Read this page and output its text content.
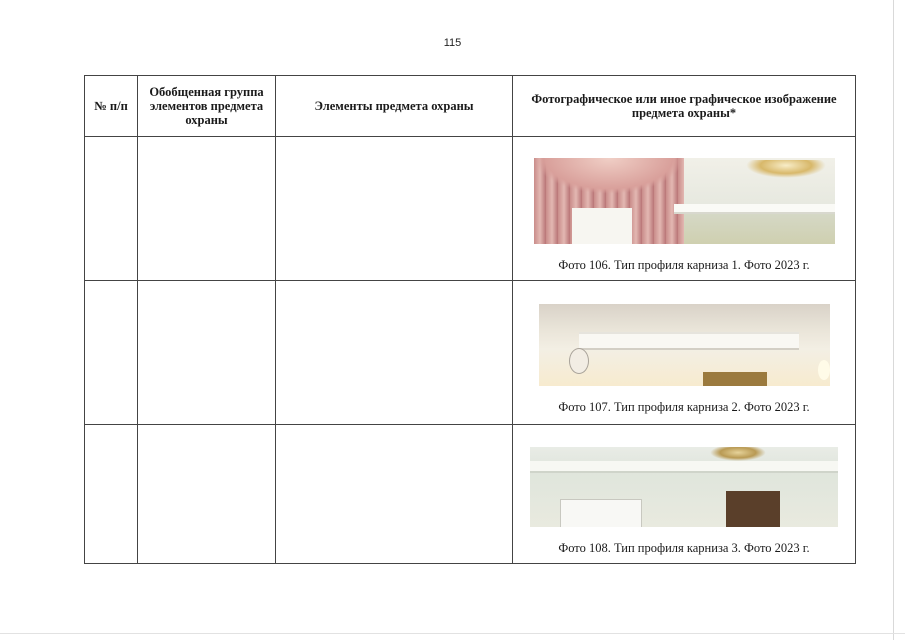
115
№ п/п	Обобщенная группа элементов предмета охраны	Элементы предмета охраны	Фотографическое или иное графическое изображение предмета охраны*

			Фото 106. Тип профиля карниза 1. Фото 2023 г.

			Фото 107. Тип профиля карниза 2. Фото 2023 г.

			Фото 108. Тип профиля карниза 3. Фото 2023 г.
